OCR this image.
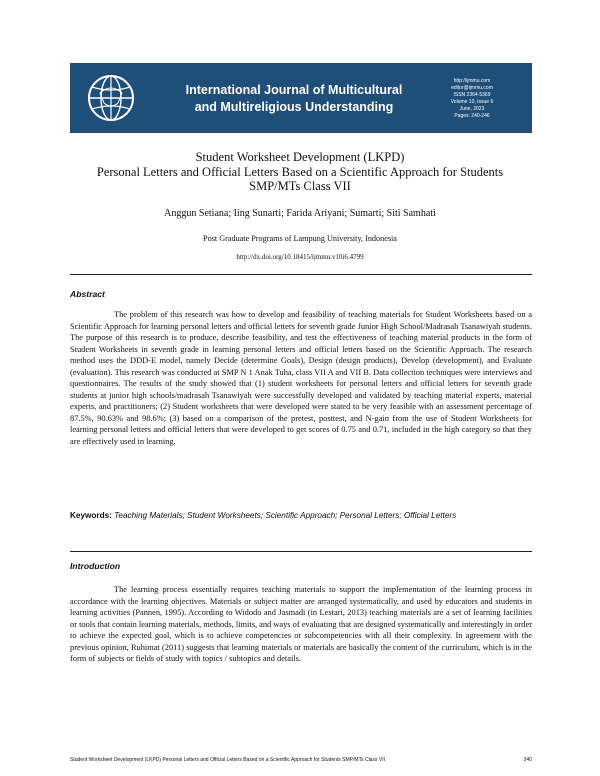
International Journal of Multicultural
and Multireligious Understanding
http://ijmmu.com
editor@ijmmu.com
ISSN 2364-5369
Volume 10, Issue 6
June, 2023
Pages: 240-246
Student Worksheet Development (LKPD)
Personal Letters and Official Letters Based on a Scientific Approach for Students
SMP/MTs Class VII
Anggun Setiana; Iing Sunarti; Farida Ariyani; Sumarti; Siti Samhati
Post Graduate Programs of Lampung University, Indonesia
http://dx.doi.org/10.18415/ijmmu.v10i6.4799
Abstract
The problem of this research was how to develop and feasibility of teaching materials for Student Worksheets based on a Scientific Approach for learning personal letters and official letters for seventh grade Junior High School/Madrasah Tsanawiyah students. The purpose of this research is to produce, describe feasibility, and test the effectiveness of teaching material products in the form of Student Worksheets in seventh grade in learning personal letters and official letters based on the Scientific Approach. The research method uses the DDD-E model, namely Decide (determine Goals), Design (design products), Develop (development), and Evaluate (evaluation). This research was conducted at SMP N 1 Anak Tuha, class VII A and VII B. Data collection techniques were interviews and questionnaires. The results of the study showed that (1) student worksheets for personal letters and official letters for seventh grade students at junior high schools/madrasah Tsanawiyah were successfully developed and validated by teaching material experts, material experts, and practitioners; (2) Student worksheets that were developed were stated to be very feasible with an assessment percentage of 87.5%, 90.63% and 98.6%; (3) based on a comparison of the pretest, posttest, and N-gain from the use of Student Worksheets for learning personal letters and official letters that were developed to get scores of 0.75 and 0.71, included in the high category so that they are effectively used in learning.
Keywords: Teaching Materials; Student Worksheets; Scientific Approach; Personal Letters; Official Letters
Introduction
The learning process essentially requires teaching materials to support the implementation of the learning process in accordance with the learning objectives. Materials or subject matter are arranged systematically, and used by educators and students in learning activities (Pannen, 1995). According to Widodo and Jasmadi (in Lestari, 2013) teaching materials are a set of learning facilities or tools that contain learning materials, methods, limits, and ways of evaluating that are designed systematically and interestingly in order to achieve the expected goal, which is to achieve competencies or subcompetencies with all their complexity. In agreement with the previous opinion, Ruhimat (2011) suggests that learning materials or materials are basically the content of the curriculum, which is in the form of subjects or fields of study with topics / subtopics and details.
Student Worksheet Development (LKPD) Personal Letters and Official Letters Based on a Scientific Approach for Students SMP/MTs Class VII	240
